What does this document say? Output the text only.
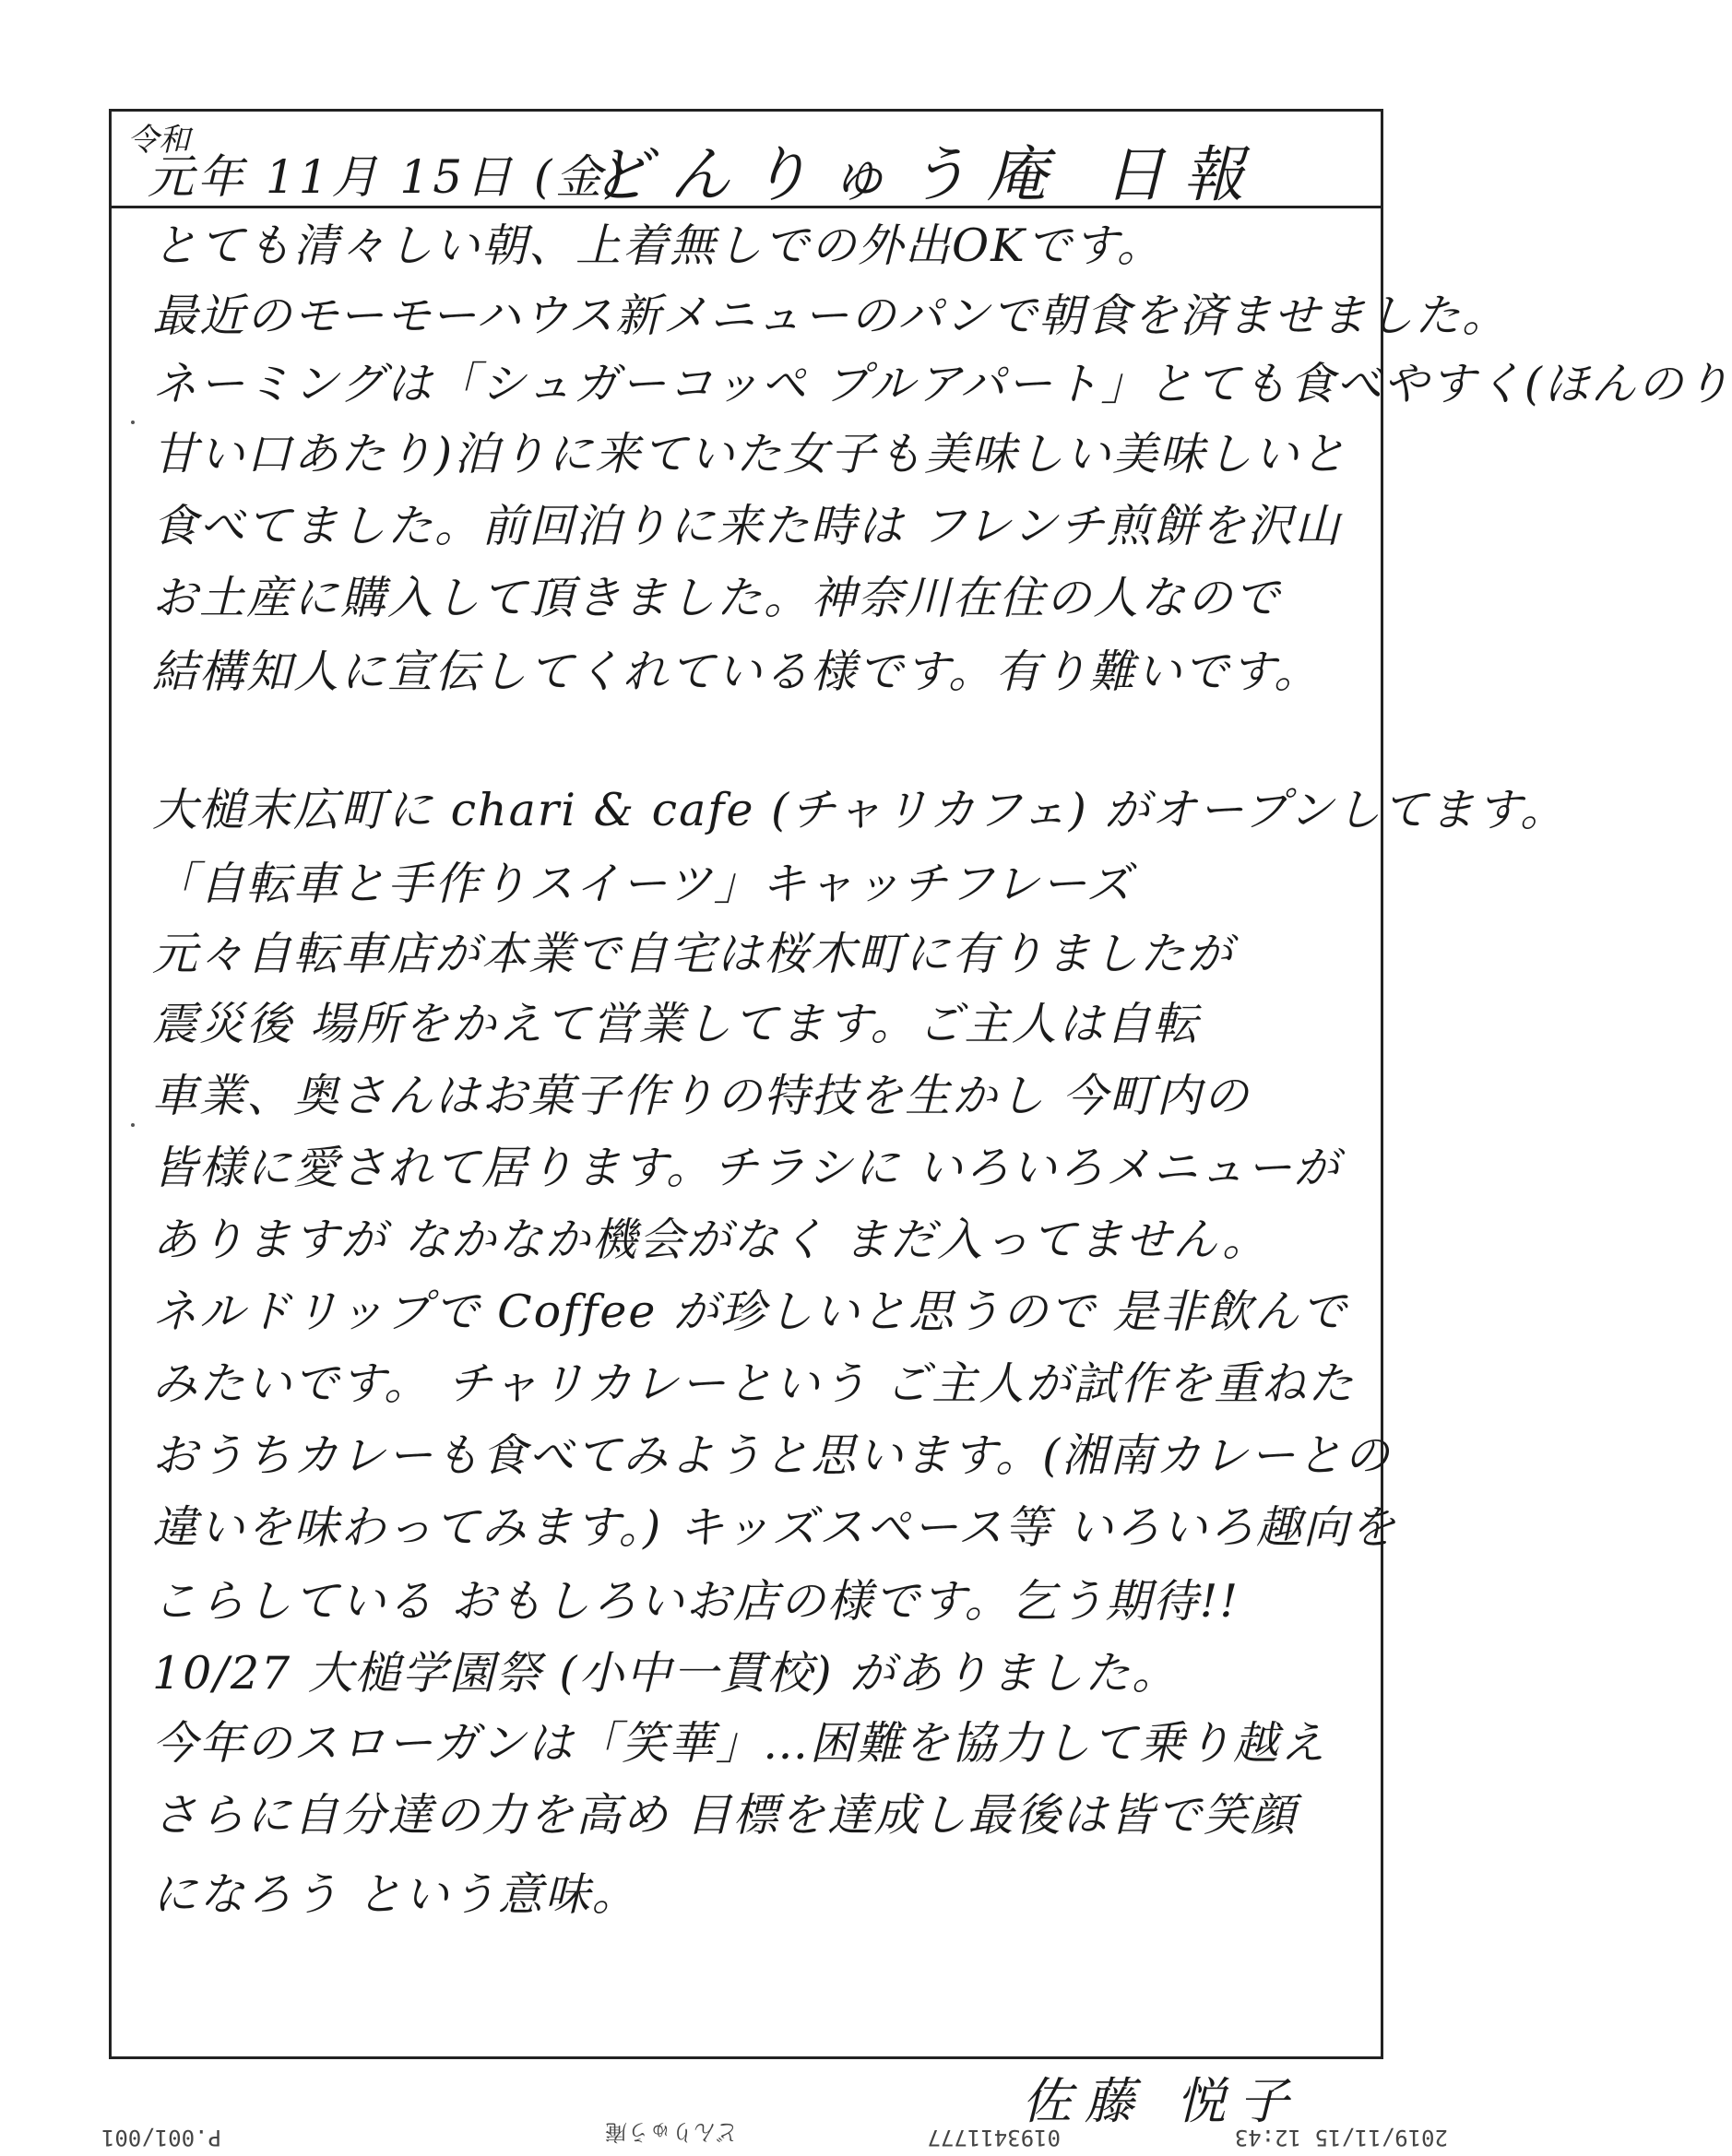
令和
元年 11月 15日 (金)
どんりゅう庵 日報
とても清々しい朝、上着無しでの外出OKです。
最近のモーモーハウス新メニューのパンで朝食を済ませました。
ネーミングは「シュガーコッペ プルアパート」とても食べやすく(ほんのり
甘い口あたり)泊りに来ていた女子も美味しい美味しいと
食べてました。前回泊りに来た時は フレンチ煎餅を沢山
お土産に購入して頂きました。神奈川在住の人なので
結構知人に宣伝してくれている様です。有り難いです。
大槌末広町に chari & cafe (チャリカフェ) がオープンしてます。
「自転車と手作りスイーツ」キャッチフレーズ
元々自転車店が本業で自宅は桜木町に有りましたが
震災後 場所をかえて営業してます。ご主人は自転
車業、奥さんはお菓子作りの特技を生かし 今町内の
皆様に愛されて居ります。チラシに いろいろメニューが
ありますが なかなか機会がなく まだ入ってません。
ネルドリップで Coffee が珍しいと思うので 是非飲んで
みたいです。 チャリカレーという ご主人が試作を重ねた
おうちカレーも食べてみようと思います。(湘南カレーとの
違いを味わってみます。) キッズスペース等 いろいろ趣向を
こらしている おもしろいお店の様です。乞う期待!!
10/27 大槌学園祭 (小中一貫校) がありました。
今年のスローガンは「笑華」…困難を協力して乗り越え
さらに自分達の力を高め 目標を達成し最後は皆で笑顔
になろう という意味。
佐藤 悦子
2019/11/15 12:43
0193411777
どんりゅう庵
P.001/001
